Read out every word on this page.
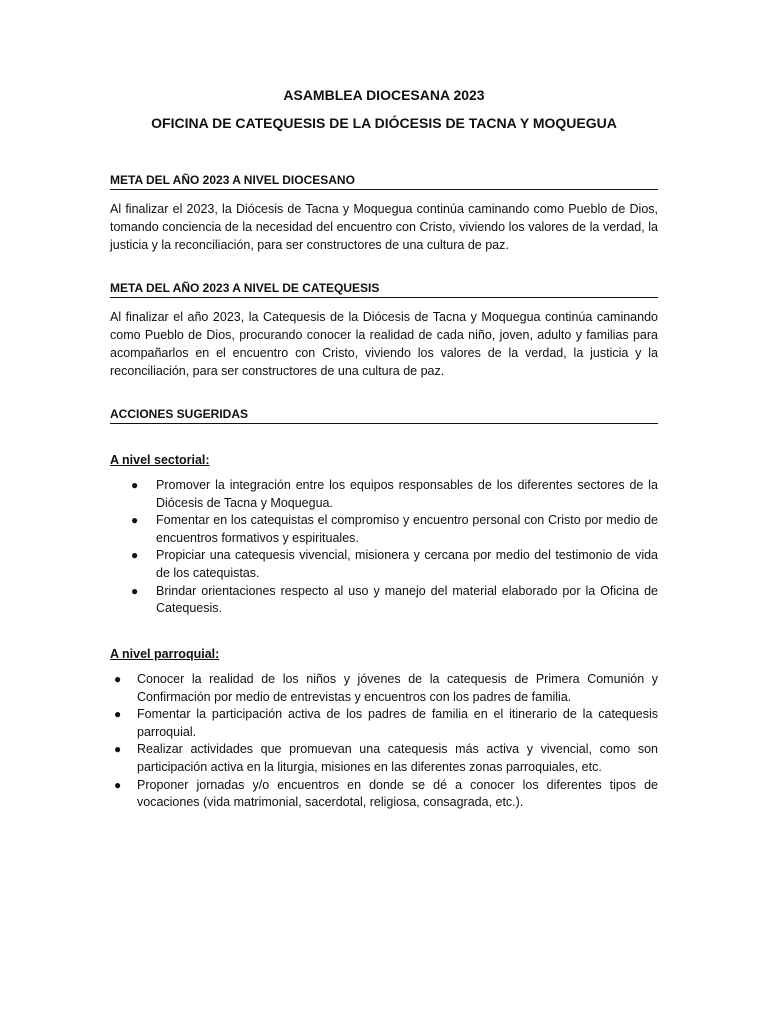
ASAMBLEA DIOCESANA 2023
OFICINA DE CATEQUESIS DE LA DIÓCESIS DE TACNA Y MOQUEGUA
META DEL AÑO 2023 A NIVEL DIOCESANO
Al finalizar el 2023, la Diócesis de Tacna y Moquegua continúa caminando como Pueblo de Dios, tomando conciencia de la necesidad del encuentro con Cristo, viviendo los valores de la verdad, la justicia y la reconciliación, para ser constructores de una cultura de paz.
META DEL AÑO 2023 A NIVEL DE CATEQUESIS
Al finalizar el año 2023, la Catequesis de la Diócesis de Tacna y Moquegua continúa caminando como Pueblo de Dios, procurando conocer la realidad de cada niño, joven, adulto y familias para acompañarlos en el encuentro con Cristo, viviendo los valores de la verdad, la justicia y la reconciliación, para ser constructores de una cultura de paz.
ACCIONES SUGERIDAS
A nivel sectorial:
● Promover la integración entre los equipos responsables de los diferentes sectores de la Diócesis de Tacna y Moquegua.
● Fomentar en los catequistas el compromiso y encuentro personal con Cristo por medio de encuentros formativos y espirituales.
● Propiciar una catequesis vivencial, misionera y cercana por medio del testimonio de vida de los catequistas.
● Brindar orientaciones respecto al uso y manejo del material elaborado por la Oficina de Catequesis.
A nivel parroquial:
● Conocer la realidad de los niños y jóvenes de la catequesis de Primera Comunión y Confirmación por medio de entrevistas y encuentros con los padres de familia.
● Fomentar la participación activa de los padres de familia en el itinerario de la catequesis parroquial.
● Realizar actividades que promuevan una catequesis más activa y vivencial, como son participación activa en la liturgia, misiones en las diferentes zonas parroquiales, etc.
● Proponer jornadas y/o encuentros en donde se dé a conocer los diferentes tipos de vocaciones (vida matrimonial, sacerdotal, religiosa, consagrada, etc.).
